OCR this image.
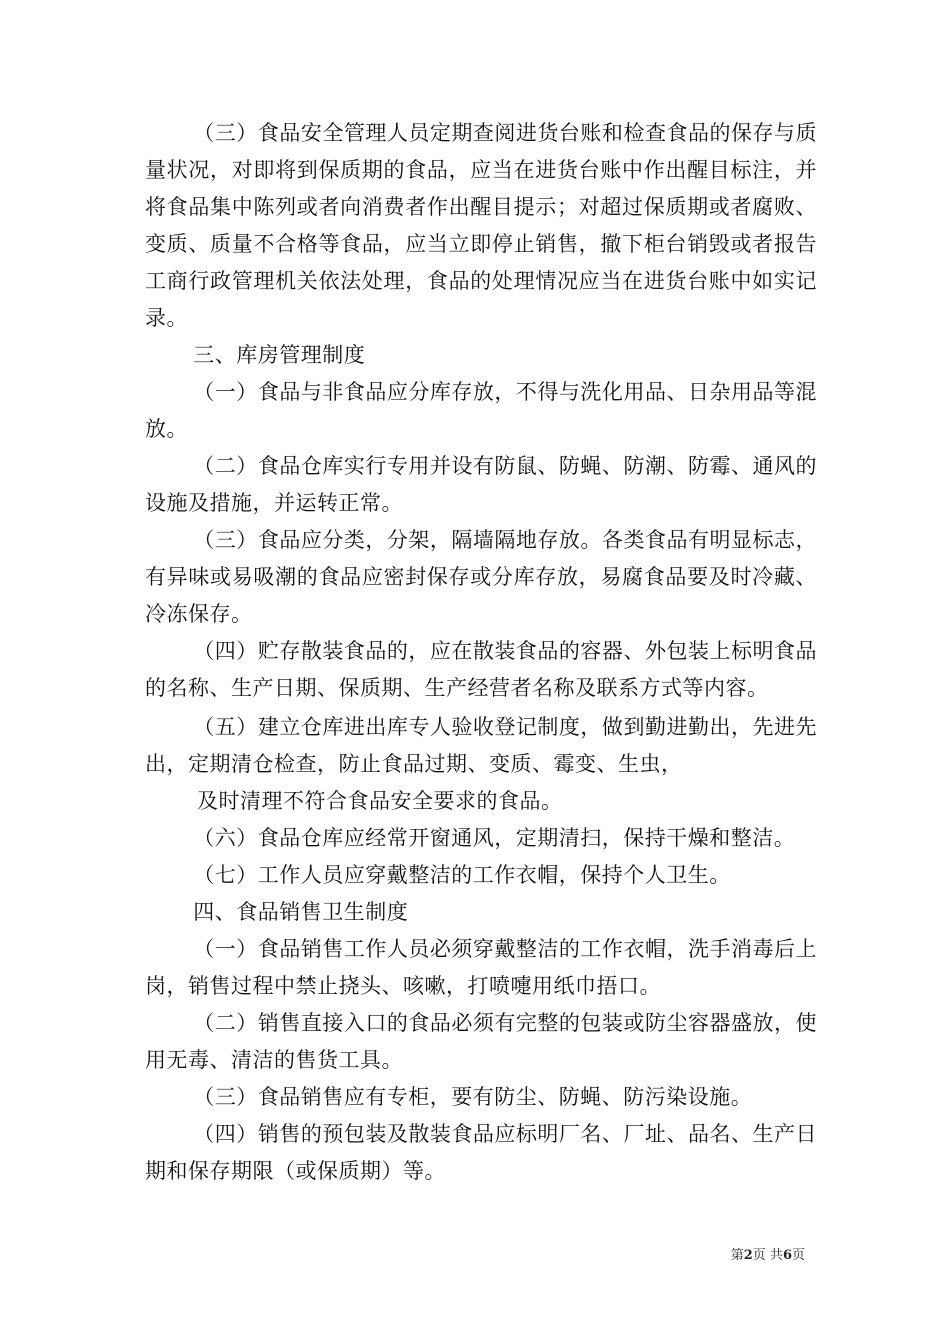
（三）食品安全管理人员定期查阅进货台账和检查食品的保存与质量状况，对即将到保质期的食品，应当在进货台账中作出醒目标注，并将食品集中陈列或者向消费者作出醒目提示；对超过保质期或者腐败、变质、质量不合格等食品，应当立即停止销售，撤下柜台销毁或者报告工商行政管理机关依法处理，食品的处理情况应当在进货台账中如实记录。

三、库房管理制度

（一）食品与非食品应分库存放，不得与洗化用品、日杂用品等混放。

（二）食品仓库实行专用并设有防鼠、防蝇、防潮、防霉、通风的设施及措施，并运转正常。

（三）食品应分类，分架，隔墙隔地存放。各类食品有明显标志，有异味或易吸潮的食品应密封保存或分库存放，易腐食品要及时冷藏、冷冻保存。

（四）贮存散装食品的，应在散装食品的容器、外包装上标明食品的名称、生产日期、保质期、生产经营者名称及联系方式等内容。

（五）建立仓库进出库专人验收登记制度，做到勤进勤出，先进先出，定期清仓检查，防止食品过期、变质、霉变、生虫，

及时清理不符合食品安全要求的食品。

（六）食品仓库应经常开窗通风，定期清扫，保持干燥和整洁。

（七）工作人员应穿戴整洁的工作衣帽，保持个人卫生。

四、食品销售卫生制度

（一）食品销售工作人员必须穿戴整洁的工作衣帽，洗手消毒后上岗，销售过程中禁止挠头、咳嗽，打喷嚏用纸巾捂口。

（二）销售直接入口的食品必须有完整的包装或防尘容器盛放，使用无毒、清洁的售货工具。

（三）食品销售应有专柜，要有防尘、防蝇、防污染设施。

（四）销售的预包装及散装食品应标明厂名、厂址、品名、生产日期和保存期限（或保质期）等。

第2页 共6页
